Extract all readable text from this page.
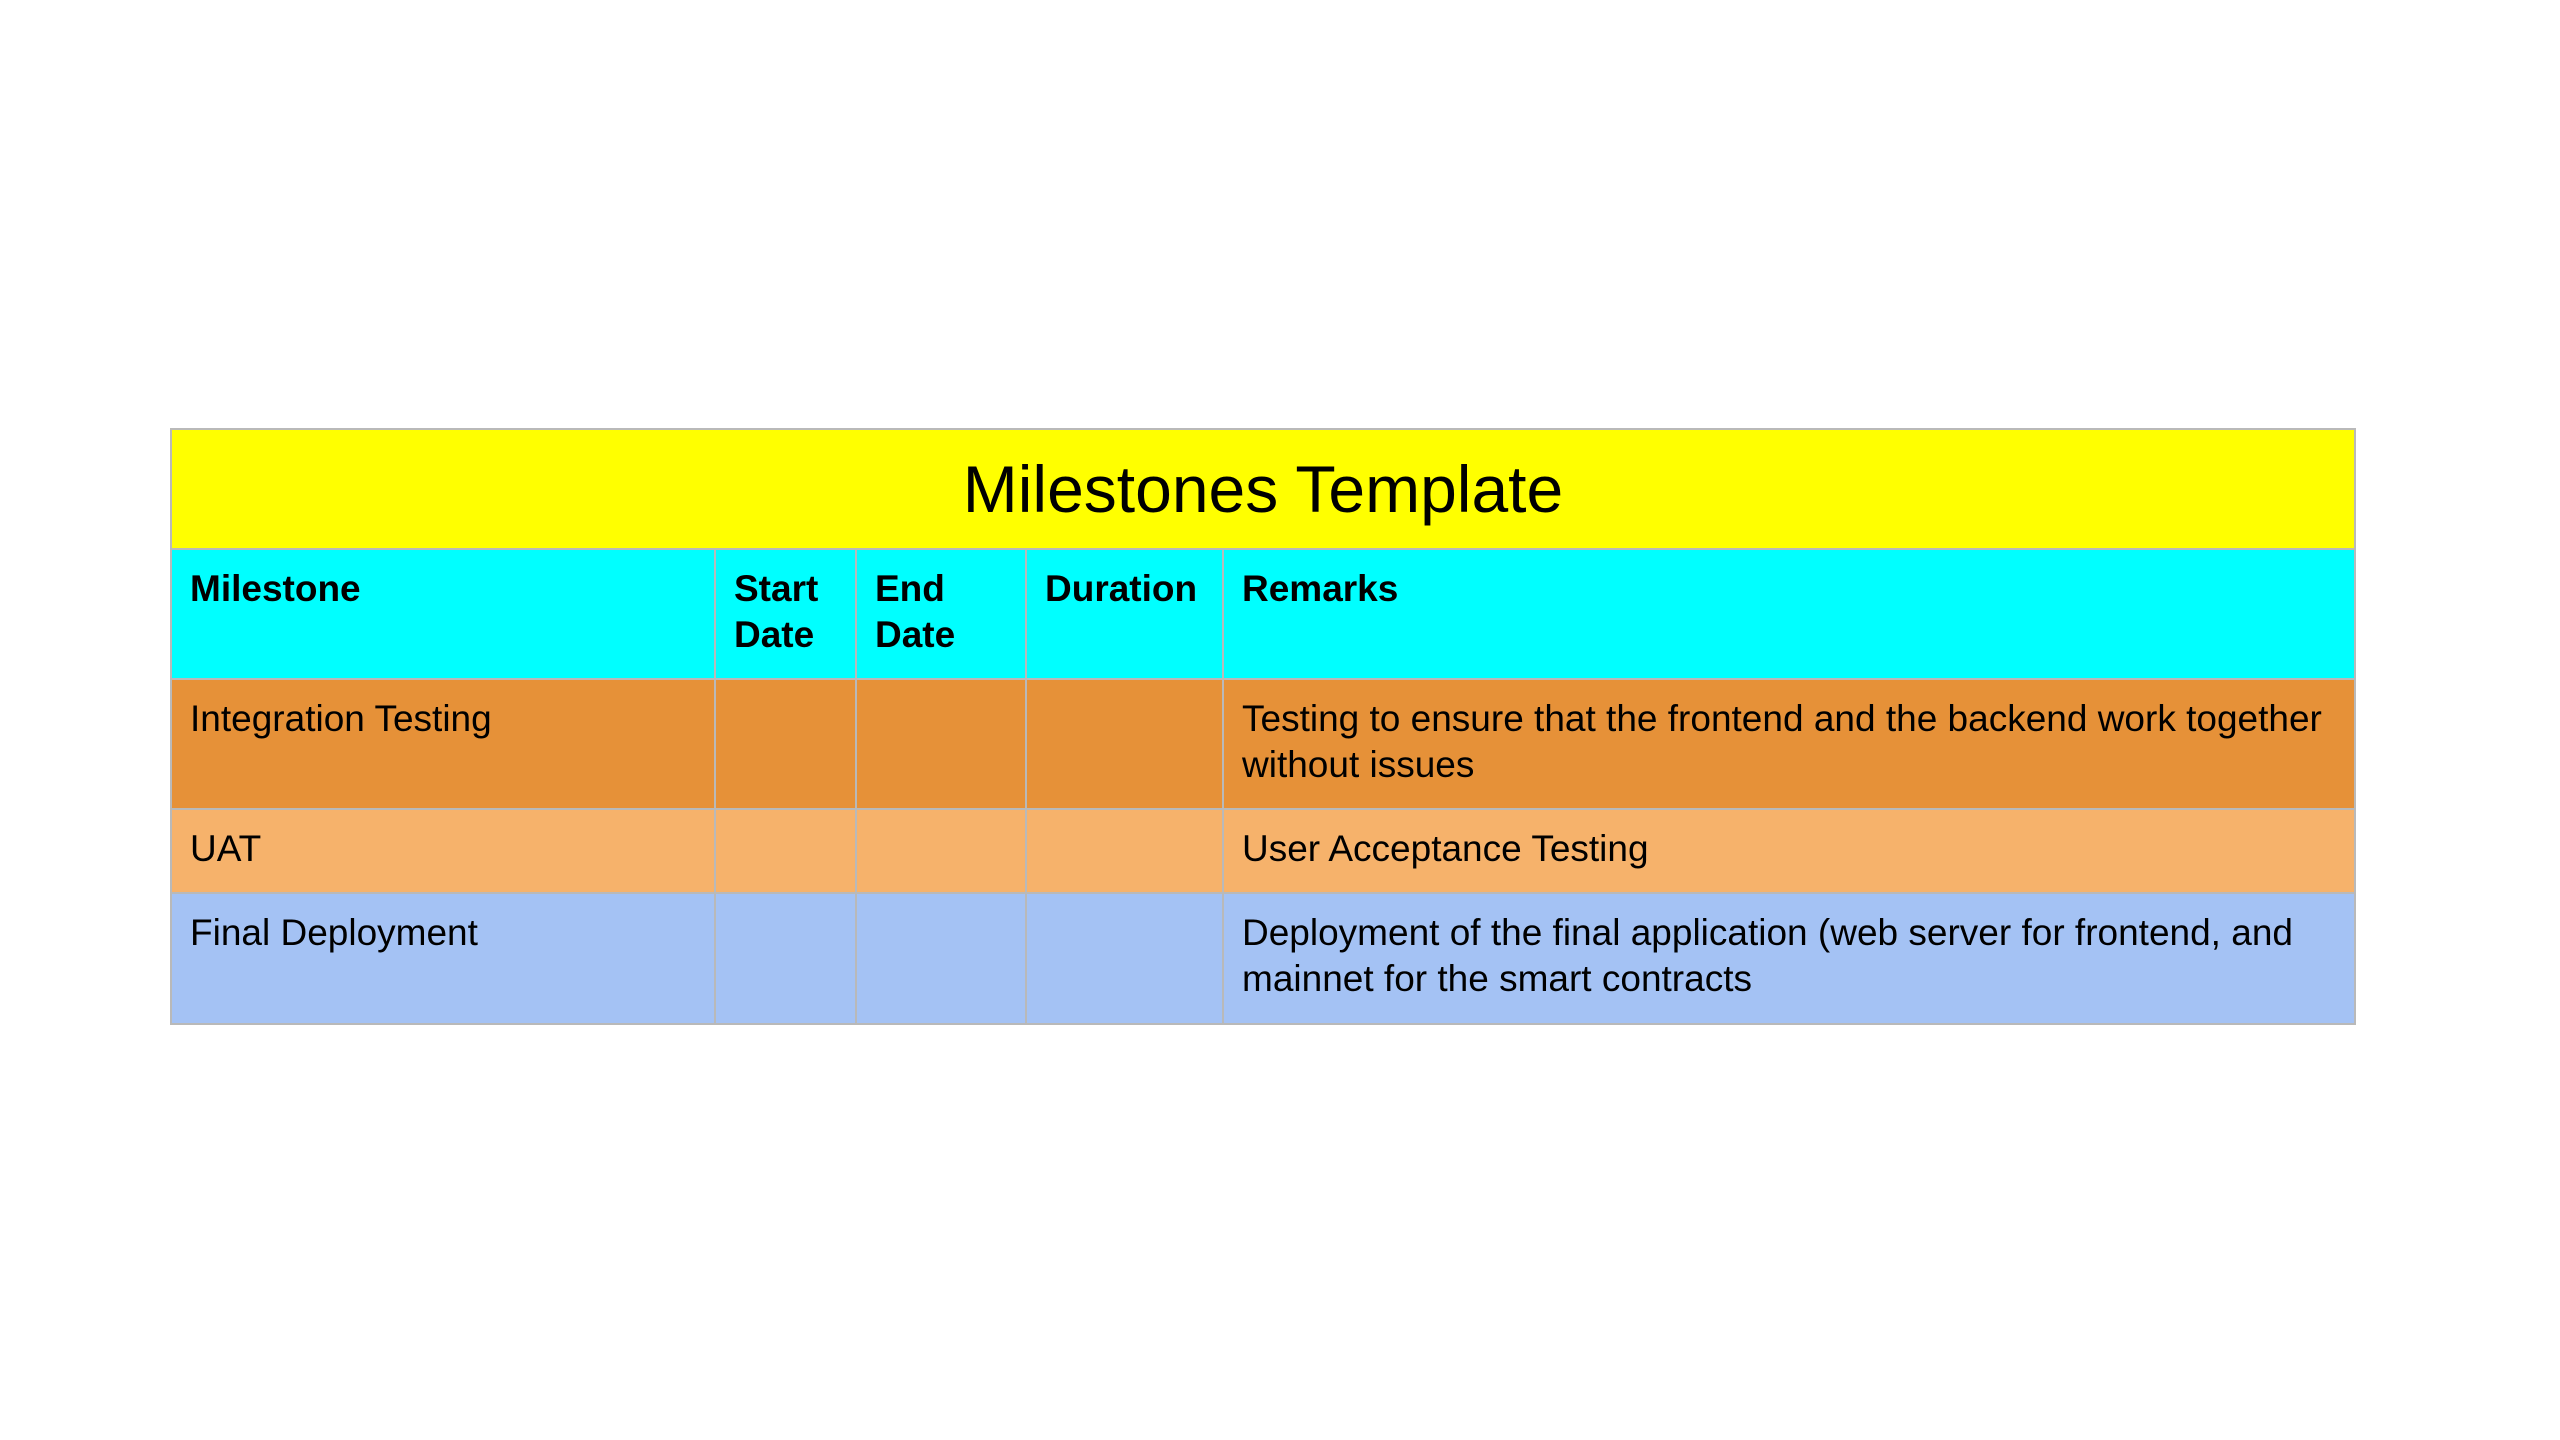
Milestones Template				
Milestone	Start Date	End Date	Duration	Remarks
Integration Testing				Testing to ensure that the frontend and the backend work together without issues
UAT				User Acceptance Testing
Final Deployment				Deployment of the final application (web server for frontend, and mainnet for the smart contracts
